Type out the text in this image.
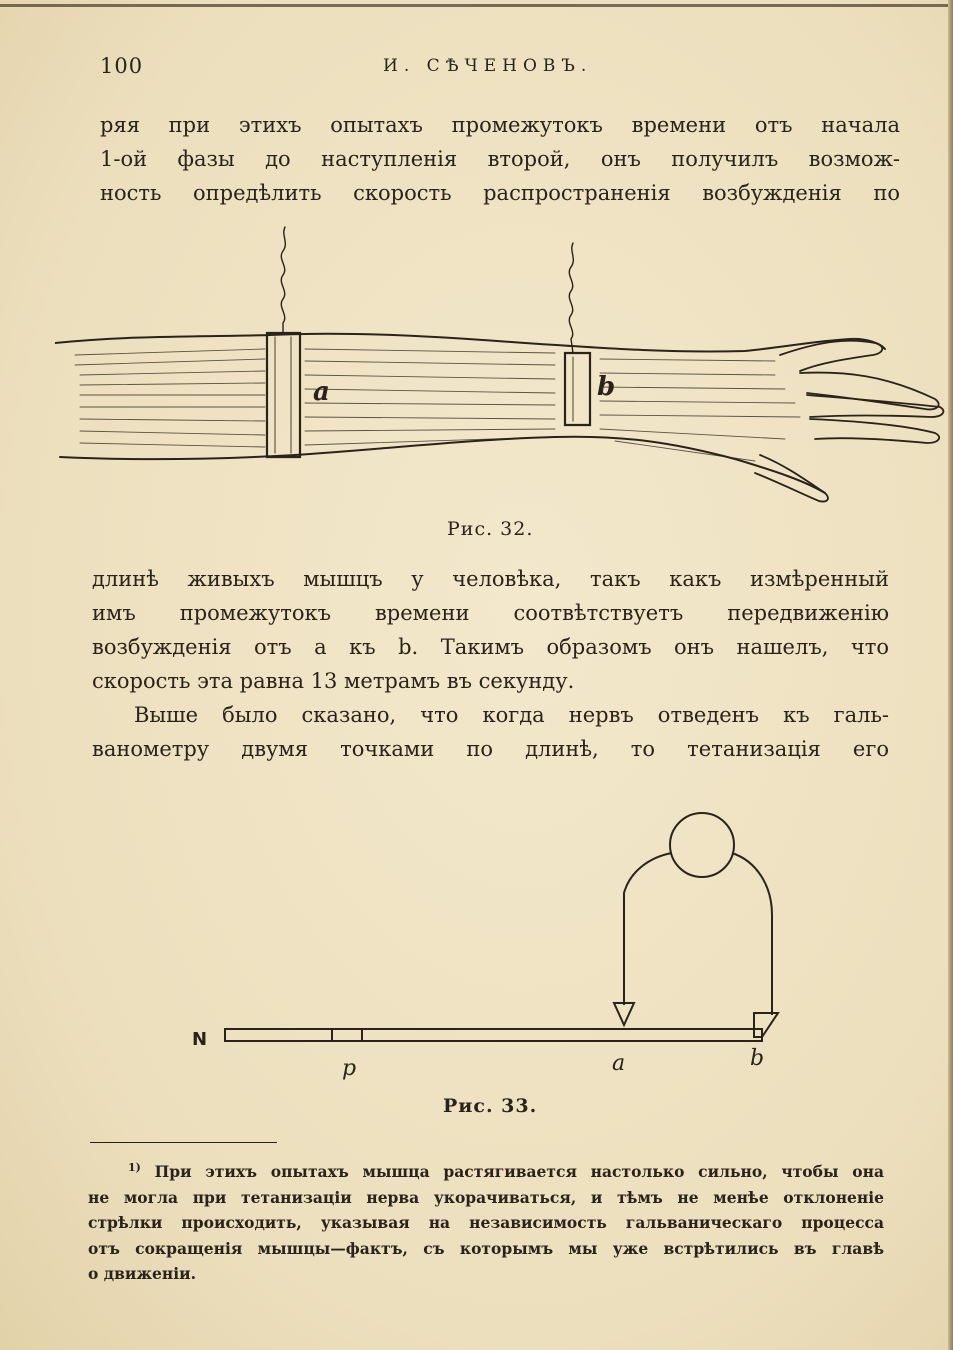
100	И. СѢЧЕНОВЪ.
ряя при этихъ опытахъ промежутокъ времени отъ начала
1-ой фазы до наступленія второй, онъ получилъ возмож-
ность опредѣлить скорость распространенія возбужденія по
a	b
Рис. 32.
длинѣ живыхъ мышцъ у человѣка, такъ какъ измѣренный
имъ промежутокъ времени соотвѣтствуетъ передвиженію
возбужденія отъ а къ b. Такимъ образомъ онъ нашелъ, что
скорость эта равна 13 метрамъ въ секунду.
Выше было сказано, что когда нервъ отведенъ къ галь-
ванометру двумя точками по длинѣ, то тетанизація его
N
p	a	b
Рис. 33.
$^{1)}$ При этихъ опытахъ мышца растягивается настолько сильно, чтобы она
не могла при тетанизаціи нерва укорачиваться, и тѣмъ не менѣе отклоненіе
стрѣлки происходить, указывая на независимость гальваническаго процесса
отъ сокращенія мышцы—фактъ, съ которымъ мы уже встрѣтились въ главѣ
о движеніи.
